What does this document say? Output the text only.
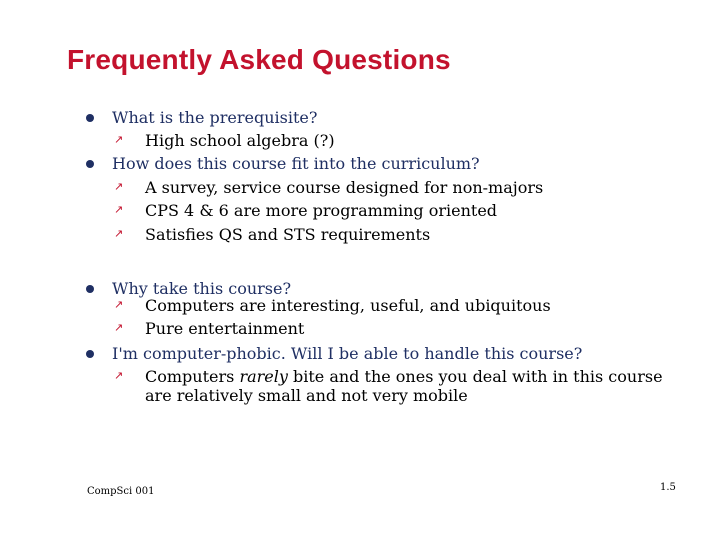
Frequently Asked Questions
What is the prerequisite?
↗ High school algebra (?)
How does this course fit into the curriculum?
↗ A survey, service course designed for non-majors
↗ CPS 4 & 6 are more programming oriented
↗ Satisfies QS and STS requirements
Why take this course?
↗ Computers are interesting, useful, and ubiquitous
↗ Pure entertainment
I'm computer-phobic. Will I be able to handle this course?
↗ Computers rarely bite and the ones you deal with in this course
are relatively small and not very mobile
CompSci 001	1.5
